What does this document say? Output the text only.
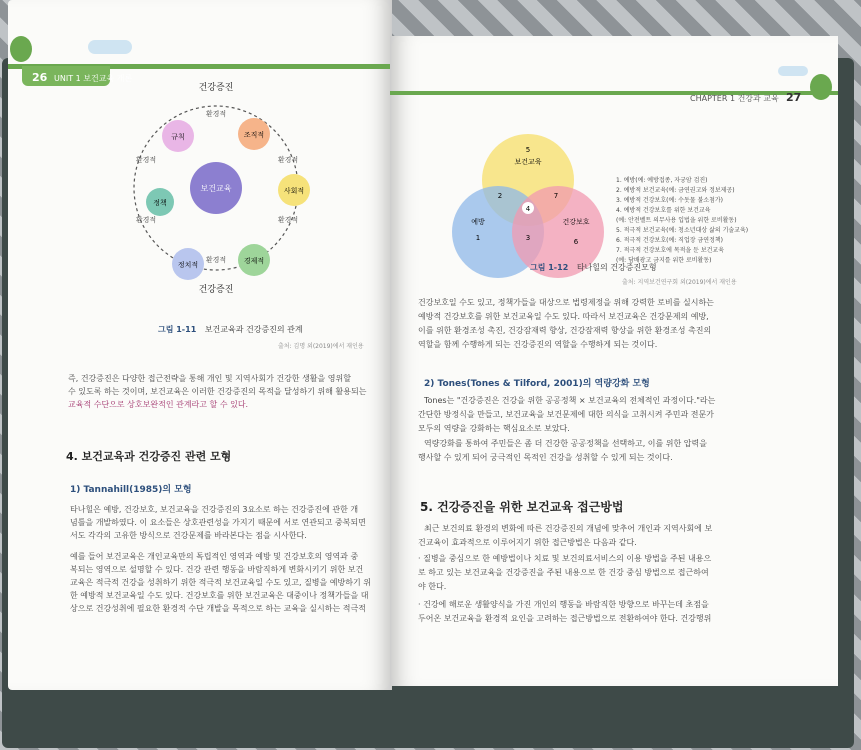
26 UNIT 1 보건교육 개론
건강증진
건강증진
환경적
환경적
환경적
환경적
환경적
환경적
보건교육
규칙	조직적
사회적
경제적
정치적
정책
그림 1-11 보건교육과 건강증진의 관계
출처: 김명 외(2019)에서 재인용
즉, 건강증진은 다양한 접근전략을 통해 개인 및 지역사회가 건강한 생활을 영위할
수 있도록 하는 것이며, 보건교육은 이러한 건강증진의 목적을 달성하기 위해 활용되는
교육적 수단으로 상호보완적인 관계라고 할 수 있다.
4. 보건교육과 건강증진 관련 모형
1) Tannahill(1985)의 모형
타나힐은 예방, 건강보호, 보건교육을 건강증진의 3요소로 하는 건강증진에 관한 개
념틀을 개발하였다. 이 요소들은 상호관련성을 가지기 때문에 서로 연관되고 중복되면
서도 각각의 고유한 방식으로 건강문제를 바라본다는 점을 시사한다.
예를 들어 보건교육은 개인교육만의 독립적인 영역과 예방 및 건강보호의 영역과 중
복되는 영역으로 설명할 수 있다. 건강 관련 행동을 바람직하게 변화시키기 위한 보건
교육은 적극적 건강을 성취하기 위한 적극적 보건교육일 수도 있고, 질병을 예방하기 위
한 예방적 보건교육일 수도 있다. 건강보호를 위한 보건교육은 대중이나 정책가들을 대
상으로 건강성취에 필요한 환경적 수단 개발을 목적으로 하는 교육을 실시하는 적극적
CHAPTER 1 건강과 교육 27
5
보건교육
예방
1
건강보호
6
2	7
3
4
1. 예방(예: 예방접종, 자궁암 검진)
2. 예방적 보건교육(예: 금연권고와 정보제공)
3. 예방적 건강보호(예: 수돗물 불소첨가)
4. 예방적 건강보호를 위한 보건교육
(예: 안전벨트 의무사용 입법을 위한 로비활동)
5. 적극적 보건교육(예: 청소년대상 삶의 기술교육)
6. 적극적 건강보호(예: 직업장 금연정책)
7. 적극적 건강보호에 목적을 둔 보건교육
(예: 담배광고 금지를 위한 로비활동)
그림 1-12 타나힐의 건강증진모형
출처: 지역보건연구회 외(2019)에서 재인용
건강보호일 수도 있고, 정책가들을 대상으로 법령제정을 위해 강력한 로비를 실시하는
예방적 건강보호를 위한 보건교육일 수도 있다. 따라서 보건교육은 건강문제의 예방,
이를 위한 환경조성 촉진, 건강잠재력 향상, 건강잠재력 향상을 위한 환경조성 촉진의
역할을 함께 수행하게 되는 건강증진의 역할을 수행하게 되는 것이다.
2) Tones(Tones & Tilford, 2001)의 역량강화 모형
Tones는 "건강증진은 건강을 위한 공공정책 × 보건교육의 전체적인 과정이다."라는
간단한 방정식을 만들고, 보건교육을 보건문제에 대한 의식을 고취시켜 주민과 전문가
모두의 역량을 강화하는 핵심요소로 보았다.
역량강화를 통하여 주민들은 좀 더 건강한 공공정책을 선택하고, 이를 위한 압력을
행사할 수 있게 되어 궁극적인 목적인 건강을 성취할 수 있게 되는 것이다.
5. 건강증진을 위한 보건교육 접근방법
최근 보건의료 환경의 변화에 따른 건강증진의 개념에 맞추어 개인과 지역사회에 보
건교육이 효과적으로 이루어지기 위한 접근방법은 다음과 같다.
· 질병을 중심으로 한 예방법이나 치료 및 보건의료서비스의 이용 방법을 주된 내용으
로 하고 있는 보건교육을 건강증진을 주된 내용으로 한 건강 중심 방법으로 접근하여
야 한다.
· 건강에 해로운 생활양식을 가진 개인의 행동을 바람직한 방향으로 바꾸는데 초점을
두어온 보건교육을 환경적 요인을 고려하는 접근방법으로 전환하여야 한다. 건강행위
